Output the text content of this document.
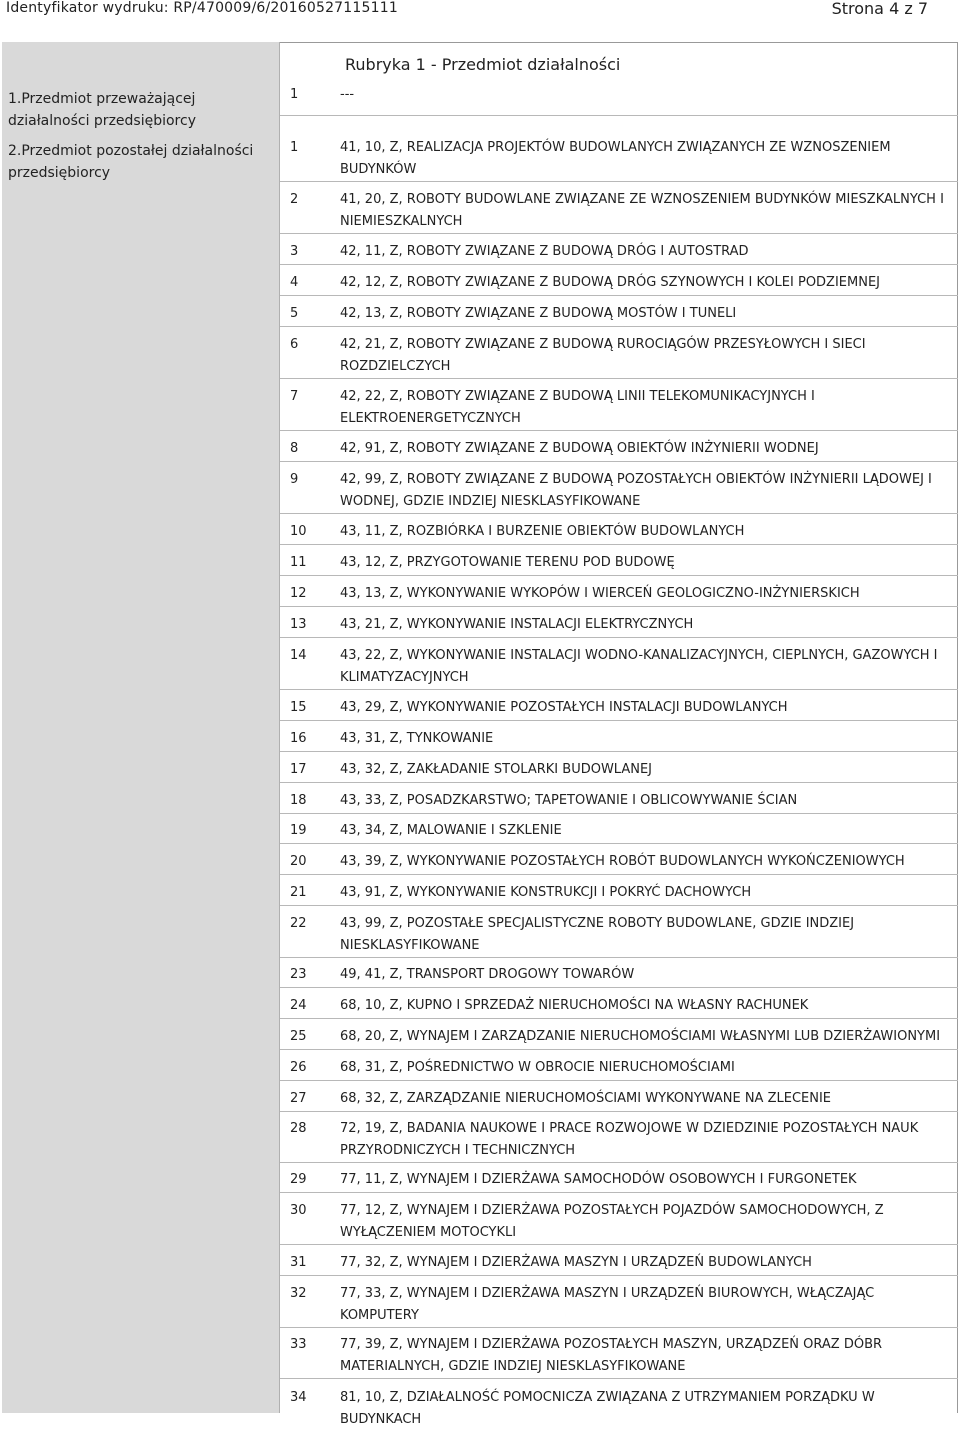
Identyfikator wydruku: RP/470009/6/20160527115111	Strona 4 z 7
1.Przedmiot przeważającej działalności przedsiębiorcy
2.Przedmiot pozostałej działalności przedsiębiorcy
Rubryka 1 - Przedmiot działalności
1	---
1	41, 10, Z, REALIZACJA PROJEKTÓW BUDOWLANYCH ZWIĄZANYCH ZE WZNOSZENIEM BUDYNKÓW
2	41, 20, Z, ROBOTY BUDOWLANE ZWIĄZANE ZE WZNOSZENIEM BUDYNKÓW MIESZKALNYCH I NIEMIESZKALNYCH
3	42, 11, Z, ROBOTY ZWIĄZANE Z BUDOWĄ DRÓG I AUTOSTRAD
4	42, 12, Z, ROBOTY ZWIĄZANE Z BUDOWĄ DRÓG SZYNOWYCH I KOLEI PODZIEMNEJ
5	42, 13, Z, ROBOTY ZWIĄZANE Z BUDOWĄ MOSTÓW I TUNELI
6	42, 21, Z, ROBOTY ZWIĄZANE Z BUDOWĄ RUROCIĄGÓW PRZESYŁOWYCH I SIECI ROZDZIELCZYCH
7	42, 22, Z, ROBOTY ZWIĄZANE Z BUDOWĄ LINII TELEKOMUNIKACYJNYCH I ELEKTROENERGETYCZNYCH
8	42, 91, Z, ROBOTY ZWIĄZANE Z BUDOWĄ OBIEKTÓW INŻYNIERII WODNEJ
9	42, 99, Z, ROBOTY ZWIĄZANE Z BUDOWĄ POZOSTAŁYCH OBIEKTÓW INŻYNIERII LĄDOWEJ I WODNEJ, GDZIE INDZIEJ NIESKLASYFIKOWANE
10	43, 11, Z, ROZBIÓRKA I BURZENIE OBIEKTÓW BUDOWLANYCH
11	43, 12, Z, PRZYGOTOWANIE TERENU POD BUDOWĘ
12	43, 13, Z, WYKONYWANIE WYKOPÓW I WIERCEŃ GEOLOGICZNO-INŻYNIERSKICH
13	43, 21, Z, WYKONYWANIE INSTALACJI ELEKTRYCZNYCH
14	43, 22, Z, WYKONYWANIE INSTALACJI WODNO-KANALIZACYJNYCH, CIEPLNYCH, GAZOWYCH I KLIMATYZACYJNYCH
15	43, 29, Z, WYKONYWANIE POZOSTAŁYCH INSTALACJI BUDOWLANYCH
16	43, 31, Z, TYNKOWANIE
17	43, 32, Z, ZAKŁADANIE STOLARKI BUDOWLANEJ
18	43, 33, Z, POSADZKARSTWO; TAPETOWANIE I OBLICOWYWANIE ŚCIAN
19	43, 34, Z, MALOWANIE I SZKLENIE
20	43, 39, Z, WYKONYWANIE POZOSTAŁYCH ROBÓT BUDOWLANYCH WYKOŃCZENIOWYCH
21	43, 91, Z, WYKONYWANIE KONSTRUKCJI I POKRYĆ DACHOWYCH
22	43, 99, Z, POZOSTAŁE SPECJALISTYCZNE ROBOTY BUDOWLANE, GDZIE INDZIEJ NIESKLASYFIKOWANE
23	49, 41, Z, TRANSPORT DROGOWY TOWARÓW
24	68, 10, Z, KUPNO I SPRZEDAŻ NIERUCHOMOŚCI NA WŁASNY RACHUNEK
25	68, 20, Z, WYNAJEM I ZARZĄDZANIE NIERUCHOMOŚCIAMI WŁASNYMI LUB DZIERŻAWIONYMI
26	68, 31, Z, POŚREDNICTWO W OBROCIE NIERUCHOMOŚCIAMI
27	68, 32, Z, ZARZĄDZANIE NIERUCHOMOŚCIAMI WYKONYWANE NA ZLECENIE
28	72, 19, Z, BADANIA NAUKOWE I PRACE ROZWOJOWE W DZIEDZINIE POZOSTAŁYCH NAUK PRZYRODNICZYCH I TECHNICZNYCH
29	77, 11, Z, WYNAJEM I DZIERŻAWA SAMOCHODÓW OSOBOWYCH I FURGONETEK
30	77, 12, Z, WYNAJEM I DZIERŻAWA POZOSTAŁYCH POJAZDÓW SAMOCHODOWYCH, Z WYŁĄCZENIEM MOTOCYKLI
31	77, 32, Z, WYNAJEM I DZIERŻAWA MASZYN I URZĄDZEŃ BUDOWLANYCH
32	77, 33, Z, WYNAJEM I DZIERŻAWA MASZYN I URZĄDZEŃ BIUROWYCH, WŁĄCZAJĄC KOMPUTERY
33	77, 39, Z, WYNAJEM I DZIERŻAWA POZOSTAŁYCH MASZYN, URZĄDZEŃ ORAZ DÓBR MATERIALNYCH, GDZIE INDZIEJ NIESKLASYFIKOWANE
34	81, 10, Z, DZIAŁALNOŚĆ POMOCNICZA ZWIĄZANA Z UTRZYMANIEM PORZĄDKU W BUDYNKACH
